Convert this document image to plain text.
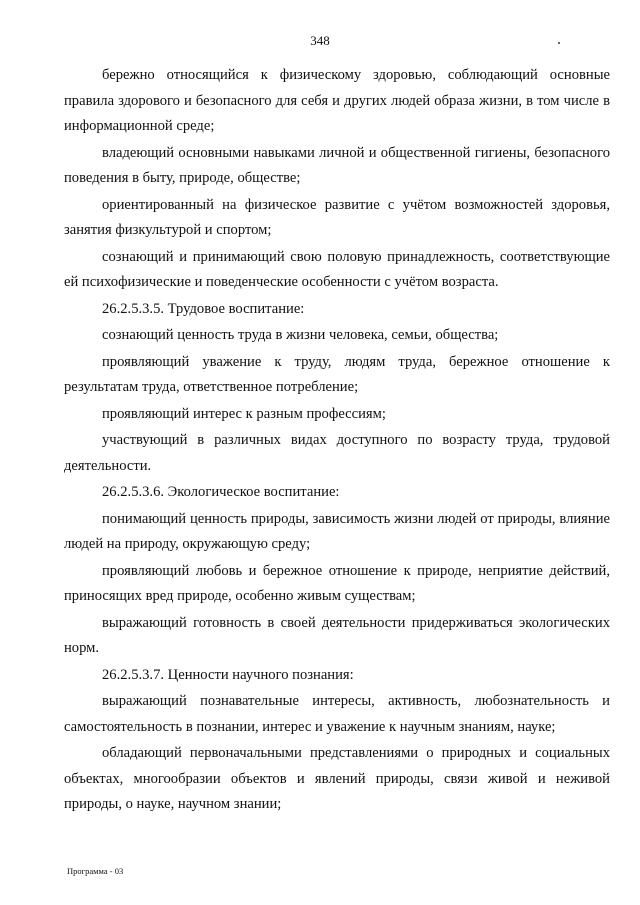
348

бережно относящийся к физическому здоровью, соблюдающий основные правила здорового и безопасного для себя и других людей образа жизни, в том числе в информационной среде;

владеющий основными навыками личной и общественной гигиены, безопасного поведения в быту, природе, обществе;

ориентированный на физическое развитие с учётом возможностей здоровья, занятия физкультурой и спортом;

сознающий и принимающий свою половую принадлежность, соответствующие ей психофизические и поведенческие особенности с учётом возраста.

26.2.5.3.5. Трудовое воспитание:

сознающий ценность труда в жизни человека, семьи, общества;

проявляющий уважение к труду, людям труда, бережное отношение к результатам труда, ответственное потребление;

проявляющий интерес к разным профессиям;

участвующий в различных видах доступного по возрасту труда, трудовой деятельности.

26.2.5.3.6. Экологическое воспитание:

понимающий ценность природы, зависимость жизни людей от природы, влияние людей на природу, окружающую среду;

проявляющий любовь и бережное отношение к природе, неприятие действий, приносящих вред природе, особенно живым существам;

выражающий готовность в своей деятельности придерживаться экологических норм.

26.2.5.3.7. Ценности научного познания:

выражающий познавательные интересы, активность, любознательность и самостоятельность в познании, интерес и уважение к научным знаниям, науке;

обладающий первоначальными представлениями о природных и социальных объектах, многообразии объектов и явлений природы, связи живой и неживой природы, о науке, научном знании;

Программа - 03
